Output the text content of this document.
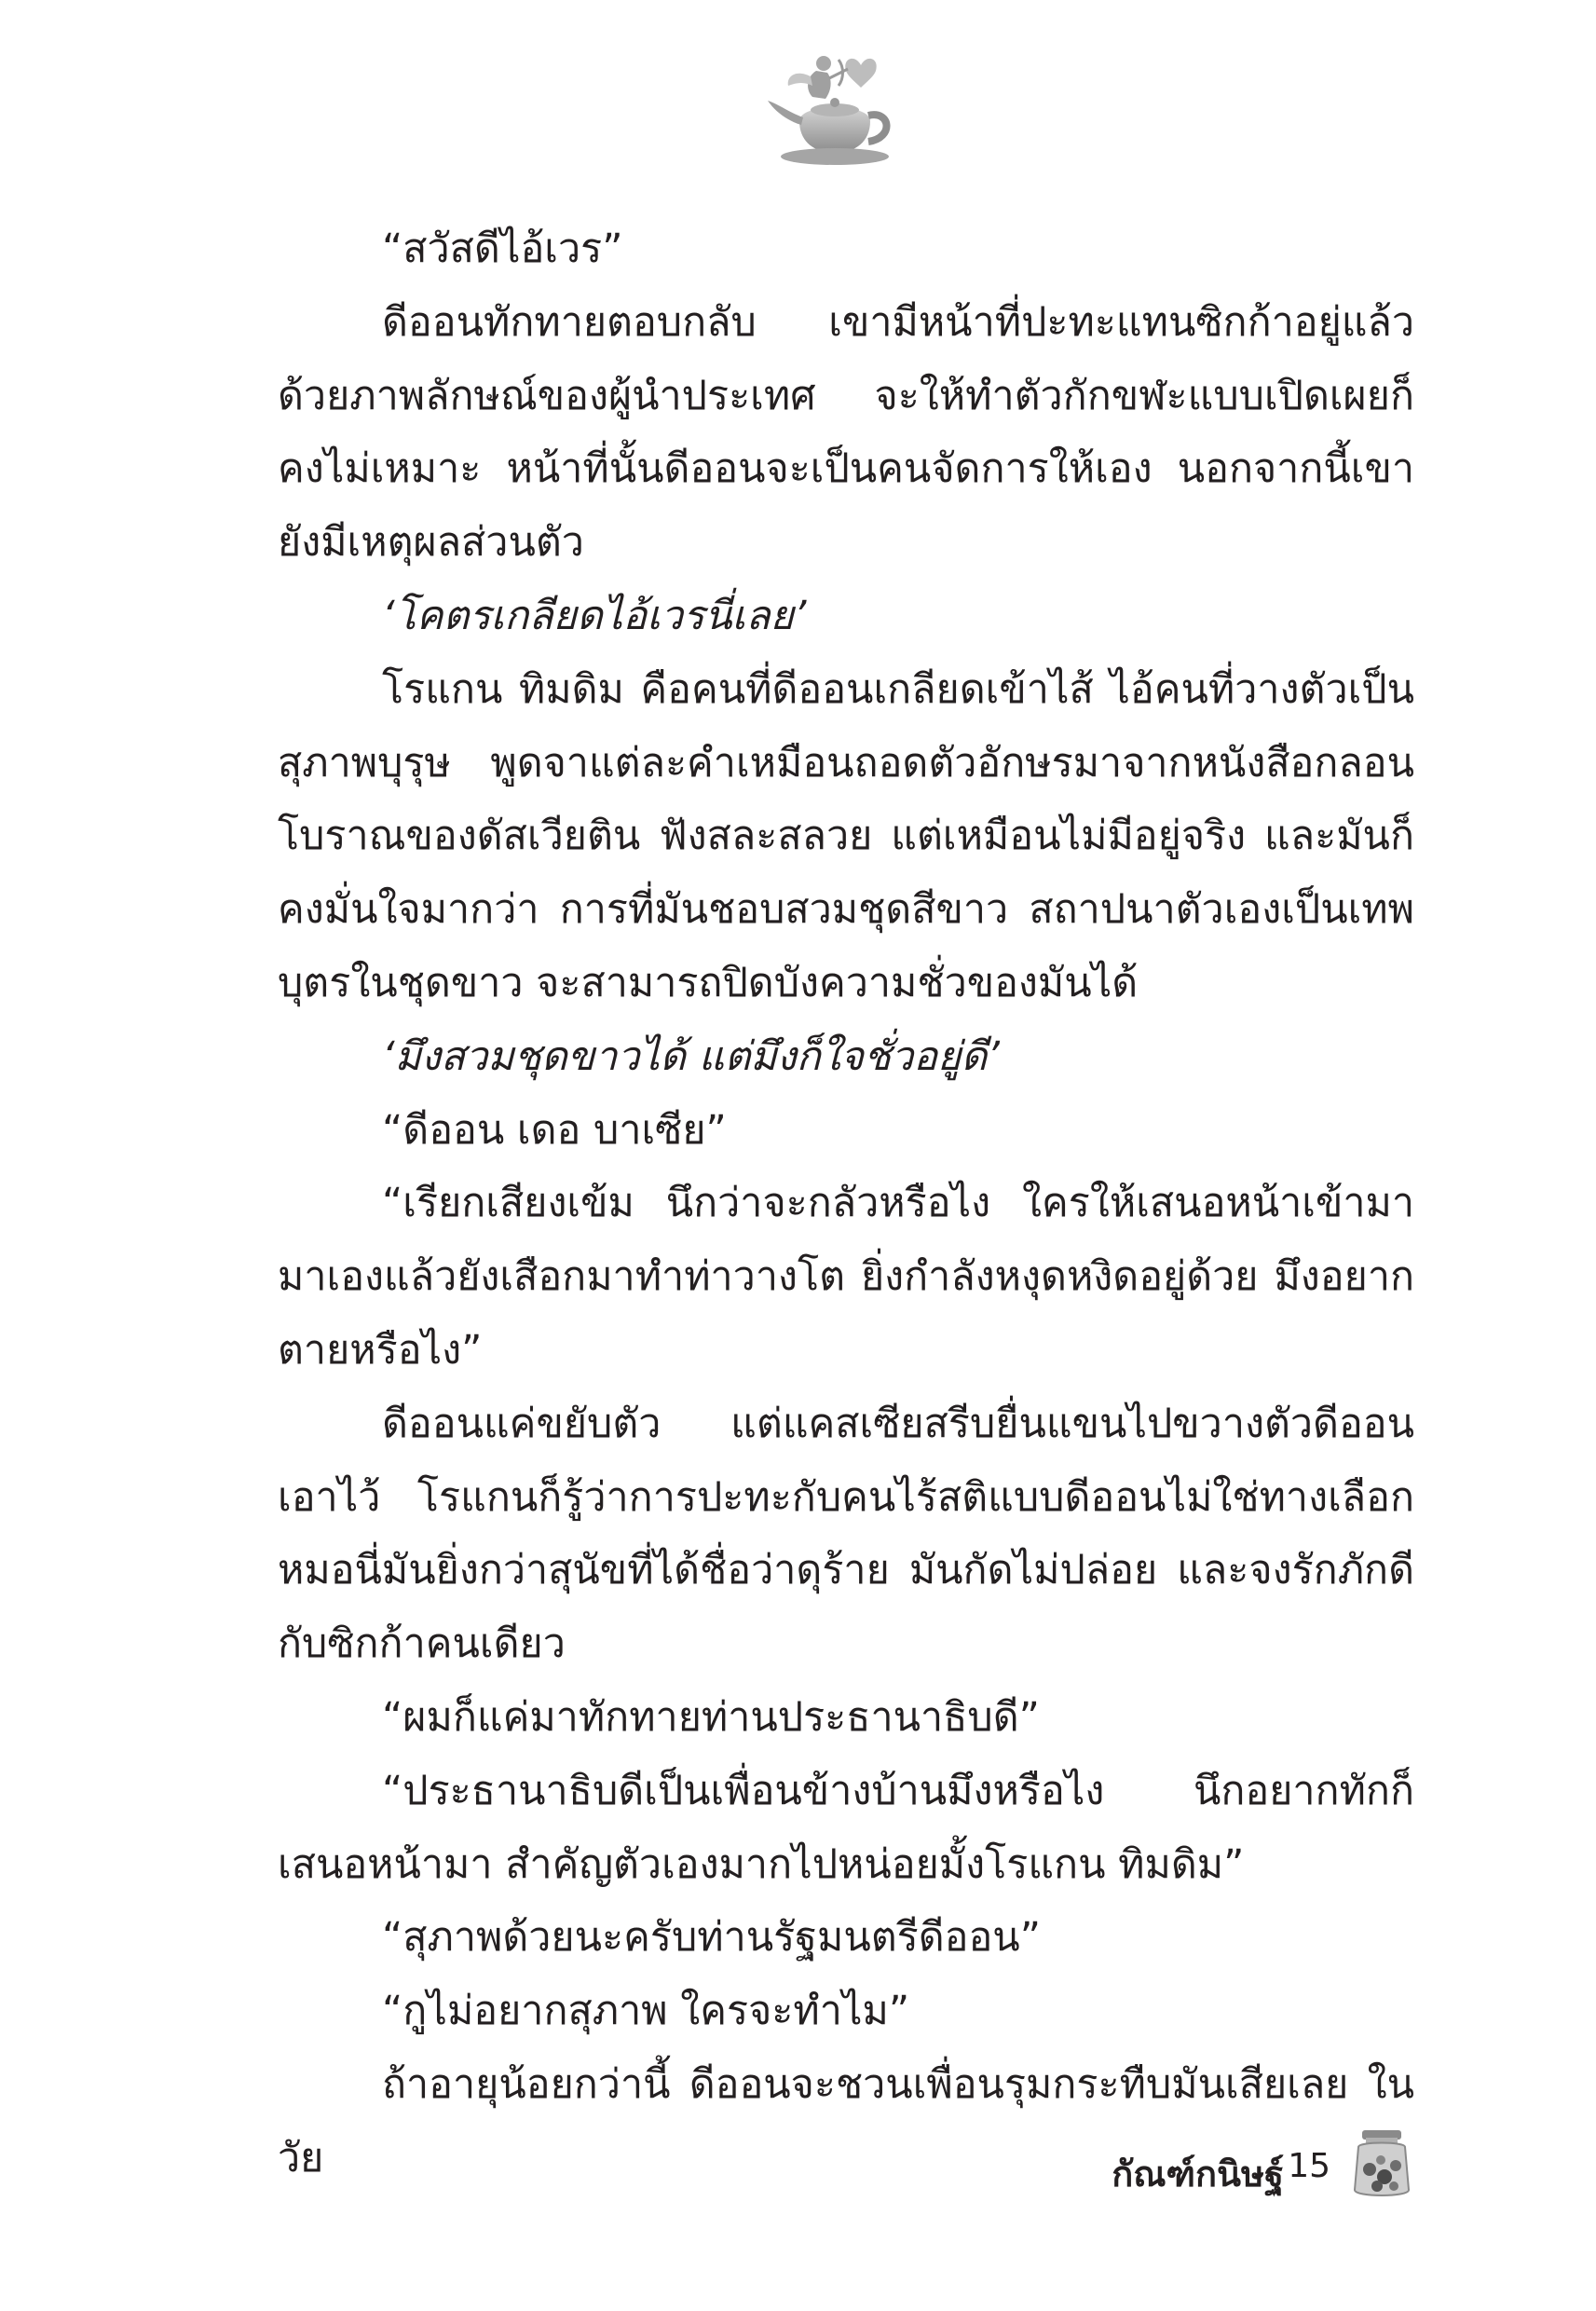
“สวัสดีไอ้เวร”

ดีออนทักทายตอบกลับ เขามีหน้าที่ปะทะแทนซิกก้าอยู่แล้ว ด้วยภาพลักษณ์ของผู้นำประเทศ จะให้ทำตัวกักขฬะแบบเปิดเผยก็คงไม่เหมาะ หน้าที่นั้นดีออนจะเป็นคนจัดการให้เอง นอกจากนี้เขายังมีเหตุผลส่วนตัว

‘โคตรเกลียดไอ้เวรนี่เลย’

โรแกน ทิมดิม คือคนที่ดีออนเกลียดเข้าไส้ ไอ้คนที่วางตัวเป็นสุภาพบุรุษ พูดจาแต่ละคำเหมือนถอดตัวอักษรมาจากหนังสือกลอนโบราณของดัสเวียติน ฟังสละสลวย แต่เหมือนไม่มีอยู่จริง และมันก็คงมั่นใจมากว่า การที่มันชอบสวมชุดสีขาว สถาปนาตัวเองเป็นเทพบุตรในชุดขาว จะสามารถปิดบังความชั่วของมันได้

‘มึงสวมชุดขาวได้ แต่มึงก็ใจชั่วอยู่ดี’

“ดีออน เดอ บาเซีย”

“เรียกเสียงเข้ม นึกว่าจะกลัวหรือไง ใครให้เสนอหน้าเข้ามา มาเองแล้วยังเสือกมาทำท่าวางโต ยิ่งกำลังหงุดหงิดอยู่ด้วย มึงอยากตายหรือไง”

ดีออนแค่ขยับตัว แต่แคสเซียสรีบยื่นแขนไปขวางตัวดีออนเอาไว้ โรแกนก็รู้ว่าการปะทะกับคนไร้สติแบบดีออนไม่ใช่ทางเลือก หมอนี่มันยิ่งกว่าสุนัขที่ได้ชื่อว่าดุร้าย มันกัดไม่ปล่อย และจงรักภักดีกับซิกก้าคนเดียว

“ผมก็แค่มาทักทายท่านประธานาธิบดี”

“ประธานาธิบดีเป็นเพื่อนข้างบ้านมึงหรือไง นึกอยากทักก็เสนอหน้ามา สำคัญตัวเองมากไปหน่อยมั้งโรแกน ทิมดิม”

“สุภาพด้วยนะครับท่านรัฐมนตรีดีออน”

“กูไม่อยากสุภาพ ใครจะทำไม”

ถ้าอายุน้อยกว่านี้ ดีออนจะชวนเพื่อนรุมกระทืบมันเสียเลย ในวัย	กัณฑ์กนิษฐ์ 15
